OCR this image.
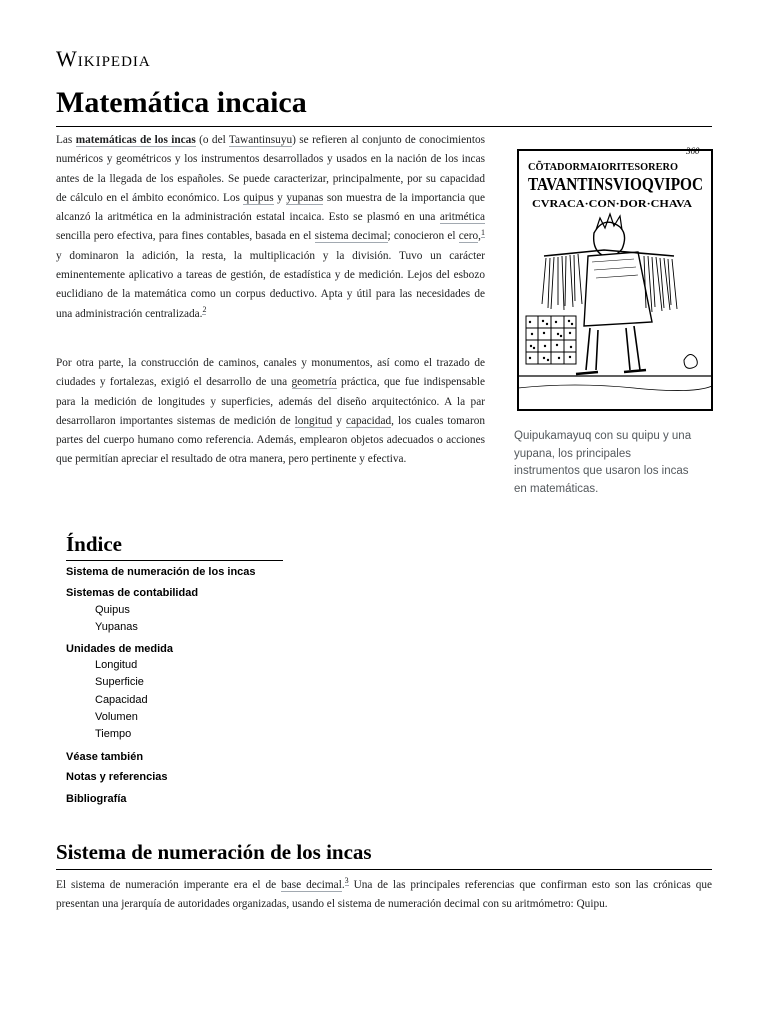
Wikipedia
Matemática incaica

Las matemáticas de los incas (o del Tawantinsuyu) se refieren al conjunto de conocimientos numéricos y geométricos y los instrumentos desarrollados y usados en la nación de los incas antes de la llegada de los españoles. Se puede caracterizar, principalmente, por su capacidad de cálculo en el ámbito económico. Los quipus y yupanas son muestra de la importancia que alcanzó la aritmética en la administración estatal incaica. Esto se plasmó en una aritmética sencilla pero efectiva, para fines contables, basada en el sistema decimal; conocieron el cero,$^1$ y dominaron la adición, la resta, la multiplicación y la división. Tuvo un carácter eminentemente aplicativo a tareas de gestión, de estadística y de medición. Lejos del esbozo euclidiano de la matemática como un corpus deductivo. Apta y útil para las necesidades de una administración centralizada.$^2$

Por otra parte, la construcción de caminos, canales y monumentos, así como el trazado de ciudades y fortalezas, exigió el desarrollo de una geometría práctica, que fue indispensable para la medición de longitudes y superficies, además del diseño arquitectónico. A la par desarrollaron importantes sistemas de medición de longitud y capacidad, los cuales tomaron partes del cuerpo humano como referencia. Además, emplearon objetos adecuados o acciones que permitían apreciar el resultado de otra manera, pero pertinente y efectiva.

360
CÕTADORMAIORITESORERO
TAVANTINSVIOQVIPOC
CVRACA·CON·DOR·CHAVA
Quipukamayuq con su quipu y una yupana, los principales instrumentos que usaron los incas en matemáticas.
Índice
Sistema de numeración de los incas
Sistemas de contabilidad
Quipus
Yupanas
Unidades de medida
Longitud
Superficie
Capacidad
Volumen
Tiempo
Véase también
Notas y referencias
Bibliografía
Sistema de numeración de los incas

El sistema de numeración imperante era el de base decimal.$^3$ Una de las principales referencias que confirman esto son las crónicas que presentan una jerarquía de autoridades organizadas, usando el sistema de numeración decimal con su aritmómetro: Quipu.
